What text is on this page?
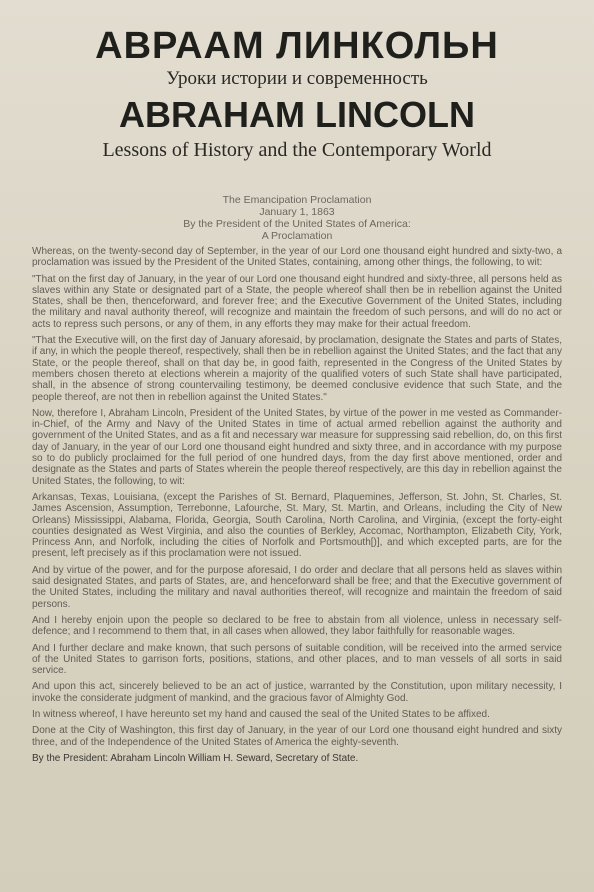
АВРААМ ЛИНКОЛЬН
Уроки истории и современность
ABRAHAM LINCOLN
Lessons of History and the Contemporary World
The Emancipation Proclamation
January 1, 1863
By the President of the United States of America:
A Proclamation

Whereas, on the twenty-second day of September, in the year of our Lord one thousand eight hundred and sixty-two, a proclamation was issued by the President of the United States, containing, among other things, the following, to wit:

"That on the first day of January, in the year of our Lord one thousand eight hundred and sixty-three, all persons held as slaves within any State or designated part of a State, the people whereof shall then be in rebellion against the United States, shall be then, thenceforward, and forever free; and the Executive Government of the United States, including the military and naval authority thereof, will recognize and maintain the freedom of such persons, and will do no act or acts to repress such persons, or any of them, in any efforts they may make for their actual freedom.

"That the Executive will, on the first day of January aforesaid, by proclamation, designate the States and parts of States, if any, in which the people thereof, respectively, shall then be in rebellion against the United States; and the fact that any State, or the people thereof, shall on that day be, in good faith, represented in the Congress of the United States by members chosen thereto at elections wherein a majority of the qualified voters of such State shall have participated, shall, in the absence of strong countervailing testimony, be deemed conclusive evidence that such State, and the people thereof, are not then in rebellion against the United States."

Now, therefore I, Abraham Lincoln, President of the United States, by virtue of the power in me vested as Commander-in-Chief, of the Army and Navy of the United States in time of actual armed rebellion against the authority and government of the United States, and as a fit and necessary war measure for suppressing said rebellion, do, on this first day of January, in the year of our Lord one thousand eight hundred and sixty three, and in accordance with my purpose so to do publicly proclaimed for the full period of one hundred days, from the day first above mentioned, order and designate as the States and parts of States wherein the people thereof respectively, are this day in rebellion against the United States, the following, to wit:

Arkansas, Texas, Louisiana, (except the Parishes of St. Bernard, Plaquemines, Jefferson, St. John, St. Charles, St. James Ascension, Assumption, Terrebonne, Lafourche, St. Mary, St. Martin, and Orleans, including the City of New Orleans) Mississippi, Alabama, Florida, Georgia, South Carolina, North Carolina, and Virginia, (except the forty-eight counties designated as West Virginia, and also the counties of Berkley, Accomac, Northampton, Elizabeth City, York, Princess Ann, and Norfolk, including the cities of Norfolk and Portsmouth[)], and which excepted parts, are for the present, left precisely as if this proclamation were not issued.

And by virtue of the power, and for the purpose aforesaid, I do order and declare that all persons held as slaves within said designated States, and parts of States, are, and henceforward shall be free; and that the Executive government of the United States, including the military and naval authorities thereof, will recognize and maintain the freedom of said persons.

And I hereby enjoin upon the people so declared to be free to abstain from all violence, unless in necessary self-defence; and I recommend to them that, in all cases when allowed, they labor faithfully for reasonable wages.

And I further declare and make known, that such persons of suitable condition, will be received into the armed service of the United States to garrison forts, positions, stations, and other places, and to man vessels of all sorts in said service.

And upon this act, sincerely believed to be an act of justice, warranted by the Constitution, upon military necessity, I invoke the considerate judgment of mankind, and the gracious favor of Almighty God.

In witness whereof, I have hereunto set my hand and caused the seal of the United States to be affixed.

Done at the City of Washington, this first day of January, in the year of our Lord one thousand eight hundred and sixty three, and of the Independence of the United States of America the eighty-seventh.

By the President: Abraham Lincoln William H. Seward, Secretary of State.
